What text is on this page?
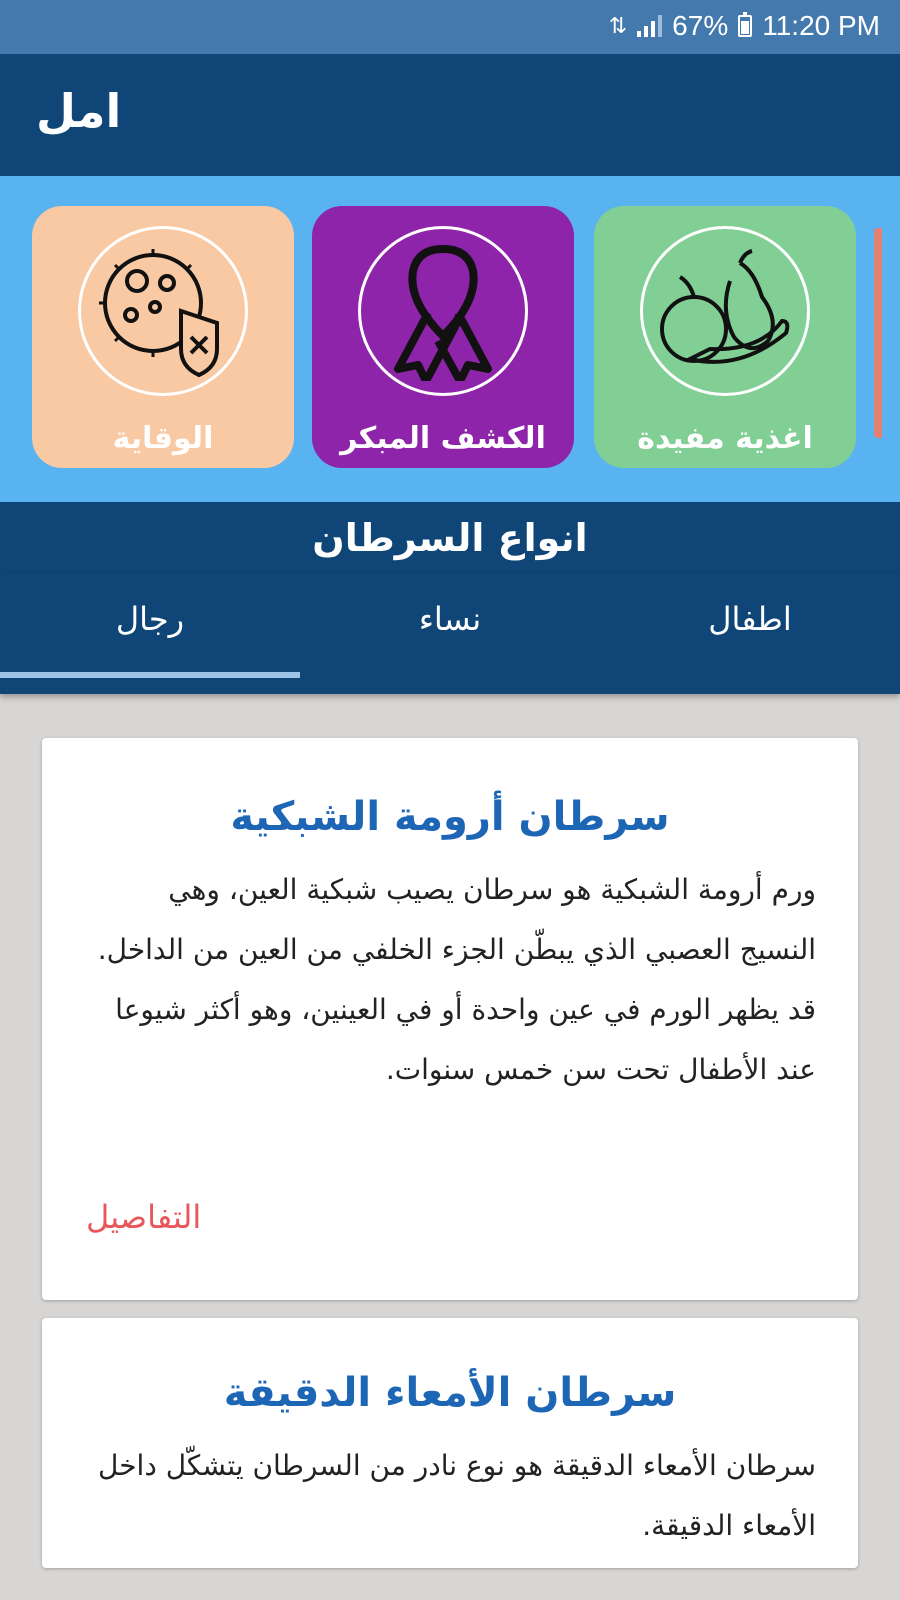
⇅ 67% 11:20 PM
امل
الوقاية	الكشف المبكر	اغذية مفيدة
انواع السرطان
رجال	نساء	اطفال
سرطان أرومة الشبكية
ورم أرومة الشبكية هو سرطان يصيب شبكية العين، وهي النسيج العصبي الذي يبطّن الجزء الخلفي من العين من الداخل. قد يظهر الورم في عين واحدة أو في العينين، وهو أكثر شيوعا عند الأطفال تحت سن خمس سنوات.
التفاصيل
سرطان الأمعاء الدقيقة
سرطان الأمعاء الدقيقة هو نوع نادر من السرطان يتشكّل داخل الأمعاء الدقيقة.
